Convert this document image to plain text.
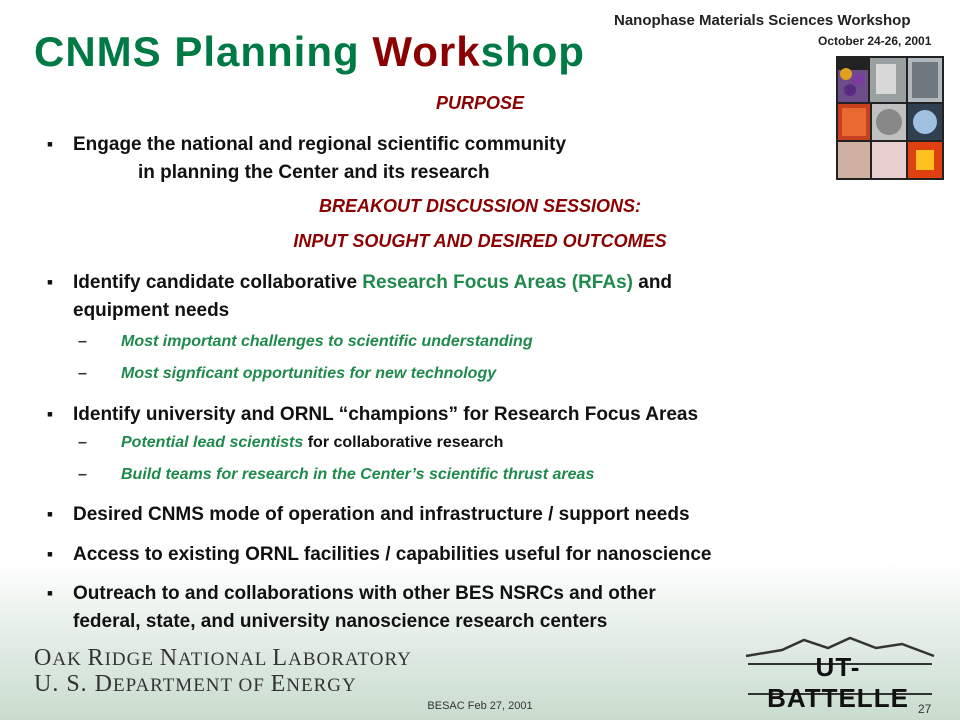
CNMS Planning Workshop
Nanophase Materials Sciences Workshop
October 24-26, 2001
PURPOSE
▪	Engage the national and regional scientific community
in planning the Center and its research
BREAKOUT DISCUSSION SESSIONS:
INPUT SOUGHT AND DESIRED OUTCOMES
▪	Identify candidate collaborative Research Focus Areas (RFAs) and
equipment needs
– Most important challenges to scientific understanding
– Most signficant opportunities for new technology
▪	Identify university and ORNL “champions” for Research Focus Areas
– Potential lead scientists for collaborative research
– Build teams for research in the Center’s scientific thrust areas
▪	Desired CNMS mode of operation and infrastructure / support needs
▪	Access to existing ORNL facilities / capabilities useful for nanoscience
▪	Outreach to and collaborations with other BES NSRCs and other
federal, state, and university nanoscience research centers
OAK RIDGE NATIONAL LABORATORY
U. S. DEPARTMENT OF ENERGY
UT-BATTELLE
BESAC Feb 27, 2001	27
